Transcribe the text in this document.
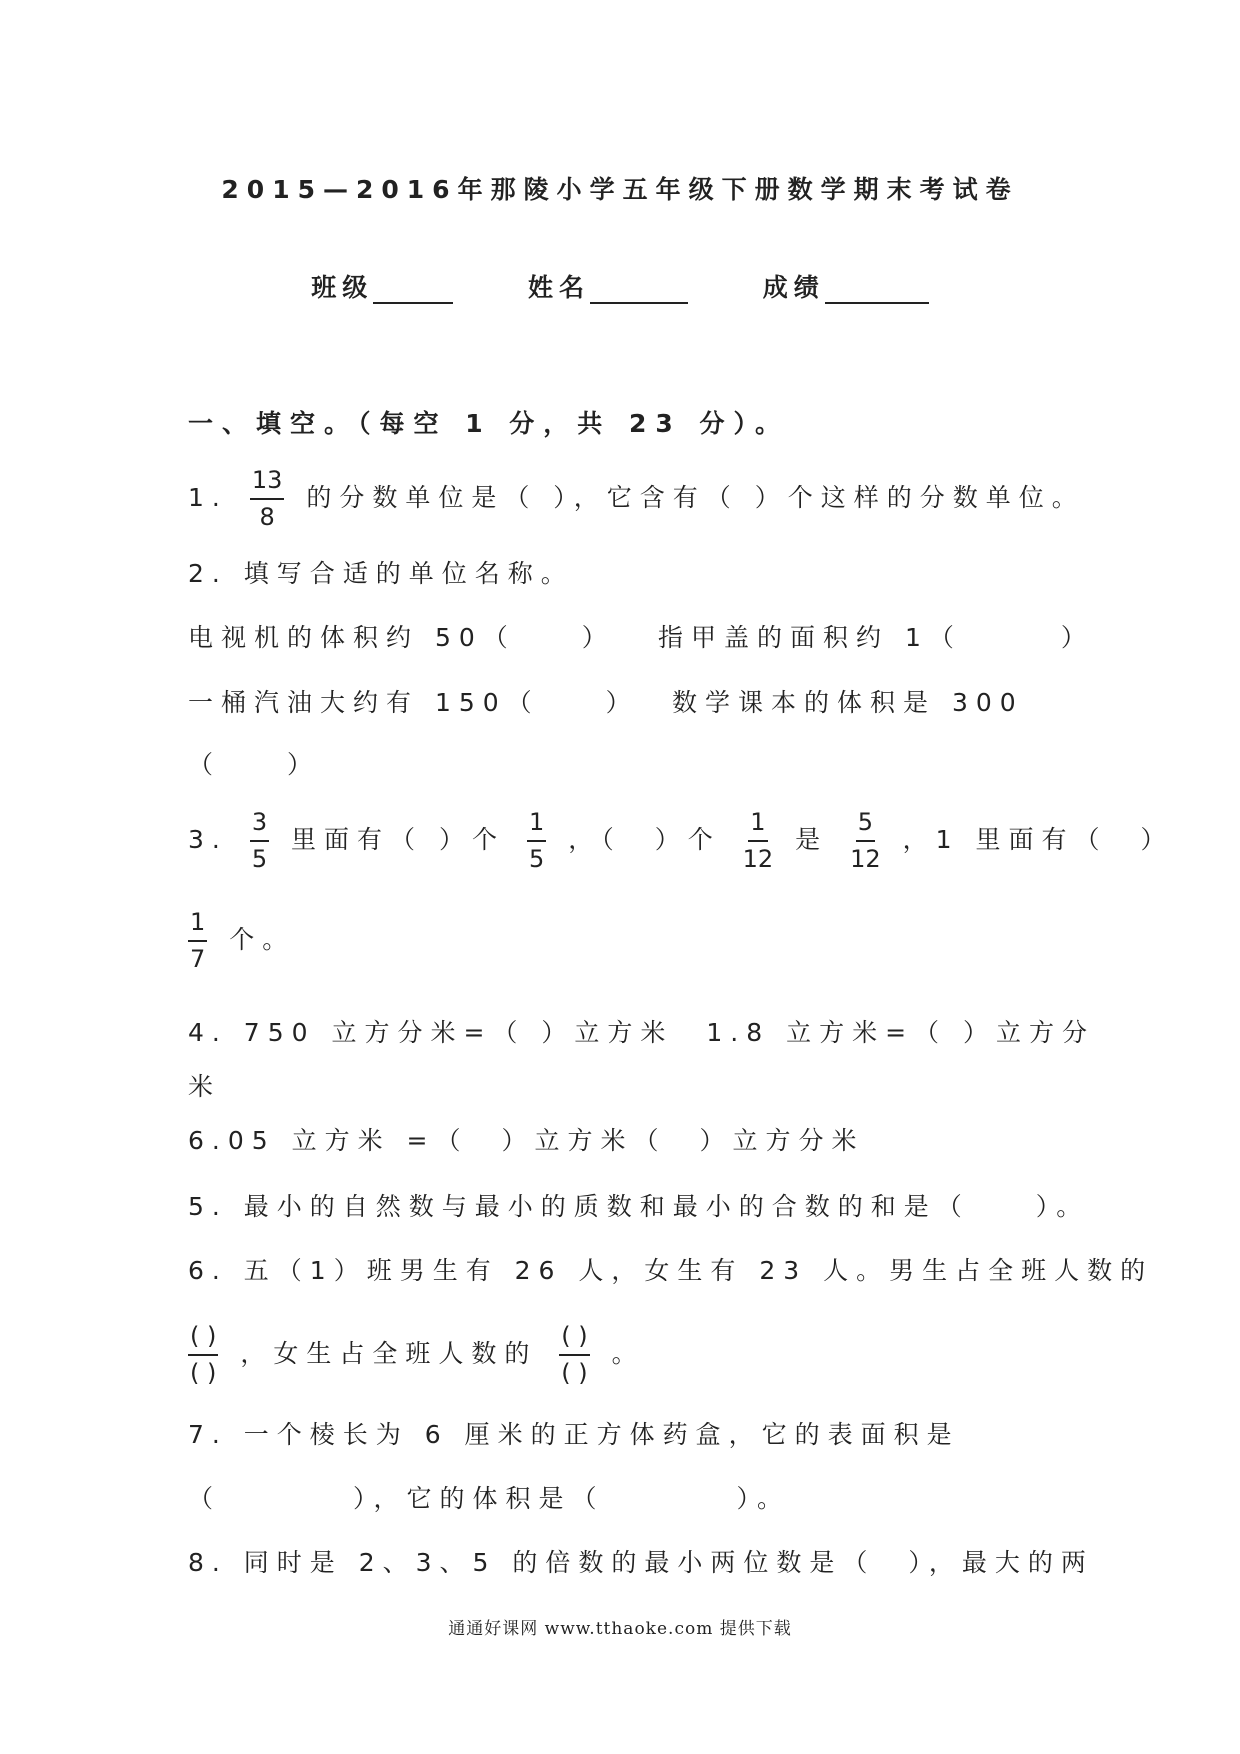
2015—2016年那陵小学五年级下册数学期末考试卷
班级	姓名	成绩
一、填空。（每空 1 分，共 23 分）。
1. $\frac{13}{8}$ 的分数单位是（ ），它含有（ ）个这样的分数单位。
2. 填写合适的单位名称。
电视机的体积约 50（　　） 指甲盖的面积约 1（　　　）
一桶汽油大约有 150（　　） 数学课本的体积是 300
（　　）
3. $\frac{3}{5}$ 里面有（ ）个 $\frac{1}{5}$ ，（　）个 $\frac{1}{12}$ 是 $\frac{5}{12}$ ，1 里面有（　）
$\frac{1}{7}$ 个。
4. 750 立方分米=（ ）立方米　1.8 立方米=（ ）立方分
米
6.05 立方米 =（　）立方米（　）立方分米
5. 最小的自然数与最小的质数和最小的合数的和是（　　）。
6. 五（1）班男生有 26 人，女生有 23 人。男生占全班人数的
$\frac{( )}{( )}$ ，女生占全班人数的 $\frac{( )}{( )}$ 。
7. 一个棱长为 6 厘米的正方体药盒，它的表面积是
（　　　　），它的体积是（　　　　）。
8. 同时是 2、3、5 的倍数的最小两位数是（　），最大的两
通通好课网 www.tthaoke.com 提供下载
